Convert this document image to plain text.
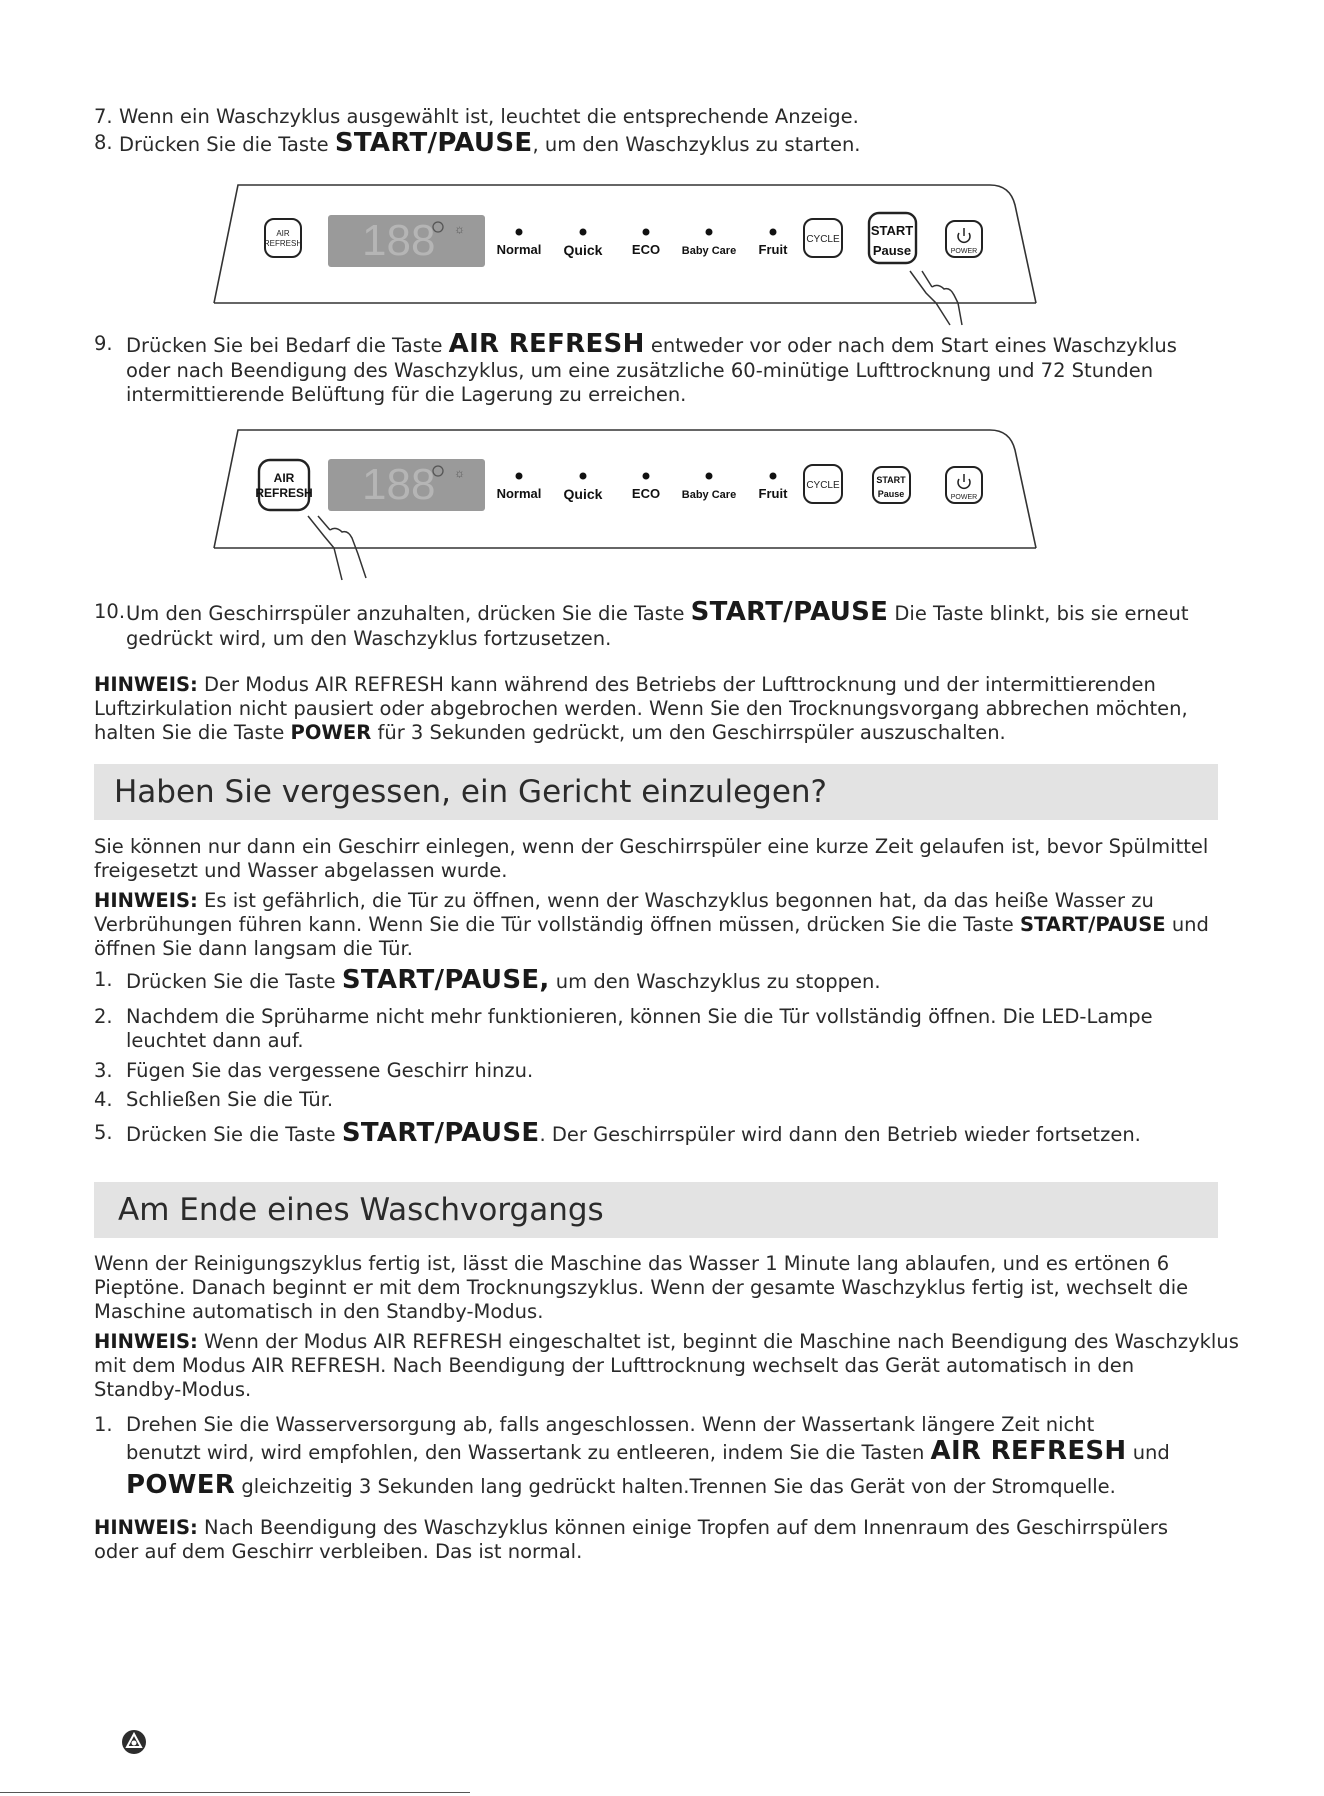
7. Wenn ein Waschzyklus ausgewählt ist, leuchtet die entsprechende Anzeige.
8. Drücken Sie die Taste START/PAUSE, um den Waschzyklus zu starten.
AIR
REFRESH 188 ☼
Normal Quick ECO Baby Care Fruit
CYCLE
START
Pause	POWER
9. Drücken Sie bei Bedarf die Taste AIR REFRESH entweder vor oder nach dem Start eines Waschzyklus
oder nach Beendigung des Waschzyklus, um eine zusätzliche 60-minütige Lufttrocknung und 72 Stunden
intermittierende Belüftung für die Lagerung zu erreichen.
AIR
REFRESH 188 ☼
Normal Quick ECO Baby Care Fruit
CYCLE	START
Pause	POWER
10. Um den Geschirrspüler anzuhalten, drücken Sie die Taste START/PAUSE Die Taste blinkt, bis sie erneut
gedrückt wird, um den Waschzyklus fortzusetzen.
HINWEIS: Der Modus AIR REFRESH kann während des Betriebs der Lufttrocknung und der intermittierenden
Luftzirkulation nicht pausiert oder abgebrochen werden. Wenn Sie den Trocknungsvorgang abbrechen möchten,
halten Sie die Taste POWER für 3 Sekunden gedrückt, um den Geschirrspüler auszuschalten.
Haben Sie vergessen, ein Gericht einzulegen?
Sie können nur dann ein Geschirr einlegen, wenn der Geschirrspüler eine kurze Zeit gelaufen ist, bevor Spülmittel
freigesetzt und Wasser abgelassen wurde.
HINWEIS: Es ist gefährlich, die Tür zu öffnen, wenn der Waschzyklus begonnen hat, da das heiße Wasser zu
Verbrühungen führen kann. Wenn Sie die Tür vollständig öffnen müssen, drücken Sie die Taste START/PAUSE und
öffnen Sie dann langsam die Tür.
1. Drücken Sie die Taste START/PAUSE, um den Waschzyklus zu stoppen.
2. Nachdem die Sprüharme nicht mehr funktionieren, können Sie die Tür vollständig öffnen. Die LED-Lampe
leuchtet dann auf.
3. Fügen Sie das vergessene Geschirr hinzu.
4. Schließen Sie die Tür.
5. Drücken Sie die Taste START/PAUSE. Der Geschirrspüler wird dann den Betrieb wieder fortsetzen.
Am Ende eines Waschvorgangs
Wenn der Reinigungszyklus fertig ist, lässt die Maschine das Wasser 1 Minute lang ablaufen, und es ertönen 6
Pieptöne. Danach beginnt er mit dem Trocknungszyklus. Wenn der gesamte Waschzyklus fertig ist, wechselt die
Maschine automatisch in den Standby-Modus.
HINWEIS: Wenn der Modus AIR REFRESH eingeschaltet ist, beginnt die Maschine nach Beendigung des Waschzyklus
mit dem Modus AIR REFRESH. Nach Beendigung der Lufttrocknung wechselt das Gerät automatisch in den
Standby-Modus.
1. Drehen Sie die Wasserversorgung ab, falls angeschlossen. Wenn der Wassertank längere Zeit nicht
benutzt wird, wird empfohlen, den Wassertank zu entleeren, indem Sie die Tasten AIR REFRESH und
POWER gleichzeitig 3 Sekunden lang gedrückt halten.Trennen Sie das Gerät von der Stromquelle.
HINWEIS: Nach Beendigung des Waschzyklus können einige Tropfen auf dem Innenraum des Geschirrspülers
oder auf dem Geschirr verbleiben. Das ist normal.
